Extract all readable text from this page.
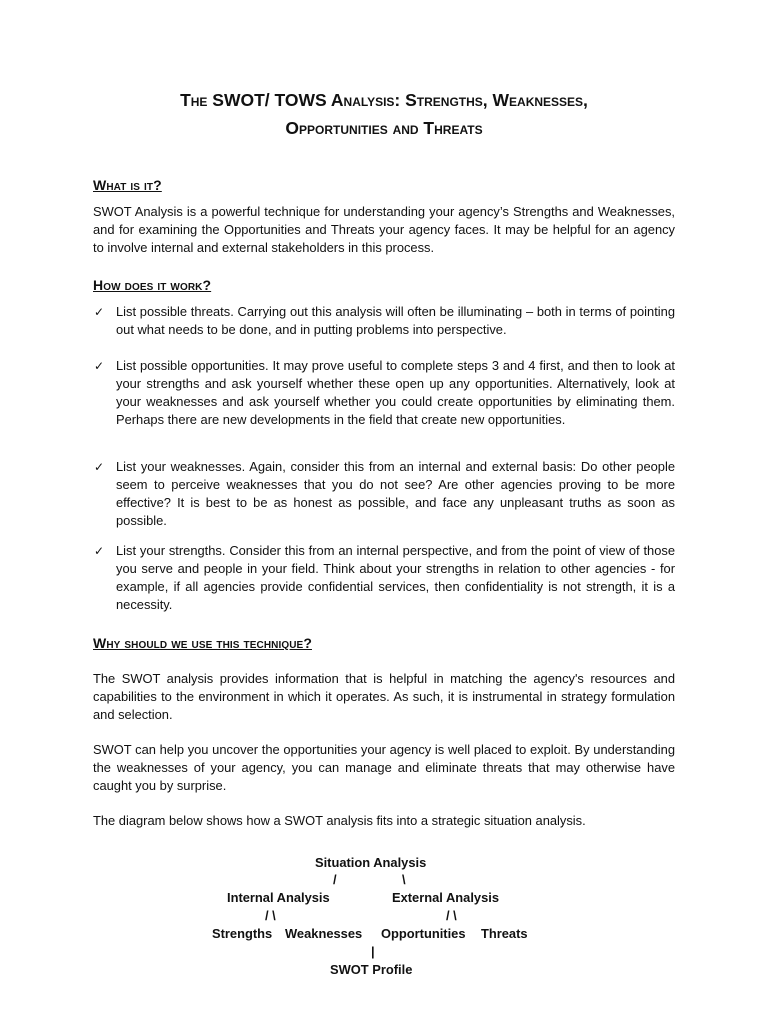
The SWOT/ TOWS Analysis: Strengths, Weaknesses,
Opportunities and Threats
What is it?

SWOT Analysis is a powerful technique for understanding your agency’s Strengths and Weaknesses, and for examining the Opportunities and Threats your agency faces. It may be helpful for an agency to involve internal and external stakeholders in this process.

How does it work?
✓ List possible threats. Carrying out this analysis will often be illuminating – both in terms of pointing out what needs to be done, and in putting problems into perspective.

✓ List possible opportunities. It may prove useful to complete steps 3 and 4 first, and then to look at your strengths and ask yourself whether these open up any opportunities. Alternatively, look at your weaknesses and ask yourself whether you could create opportunities by eliminating them. Perhaps there are new developments in the field that create new opportunities.

✓ List your weaknesses. Again, consider this from an internal and external basis: Do other people seem to perceive weaknesses that you do not see? Are other agencies proving to be more effective? It is best to be as honest as possible, and face any unpleasant truths as soon as possible.

✓ List your strengths. Consider this from an internal perspective, and from the point of view of those you serve and people in your field. Think about your strengths in relation to other agencies - for example, if all agencies provide confidential services, then confidentiality is not strength, it is a necessity.

Why should we use this technique?

The SWOT analysis provides information that is helpful in matching the agency's resources and capabilities to the environment in which it operates. As such, it is instrumental in strategy formulation and selection.

SWOT can help you uncover the opportunities your agency is well placed to exploit. By understanding the weaknesses of your agency, you can manage and eliminate threats that may otherwise have caught you by surprise.

The diagram below shows how a SWOT analysis fits into a strategic situation analysis.

Situation Analysis
/	\
Internal Analysis	External Analysis
/ \	/ \
Strengths Weaknesses Opportunities Threats
|
SWOT Profile
